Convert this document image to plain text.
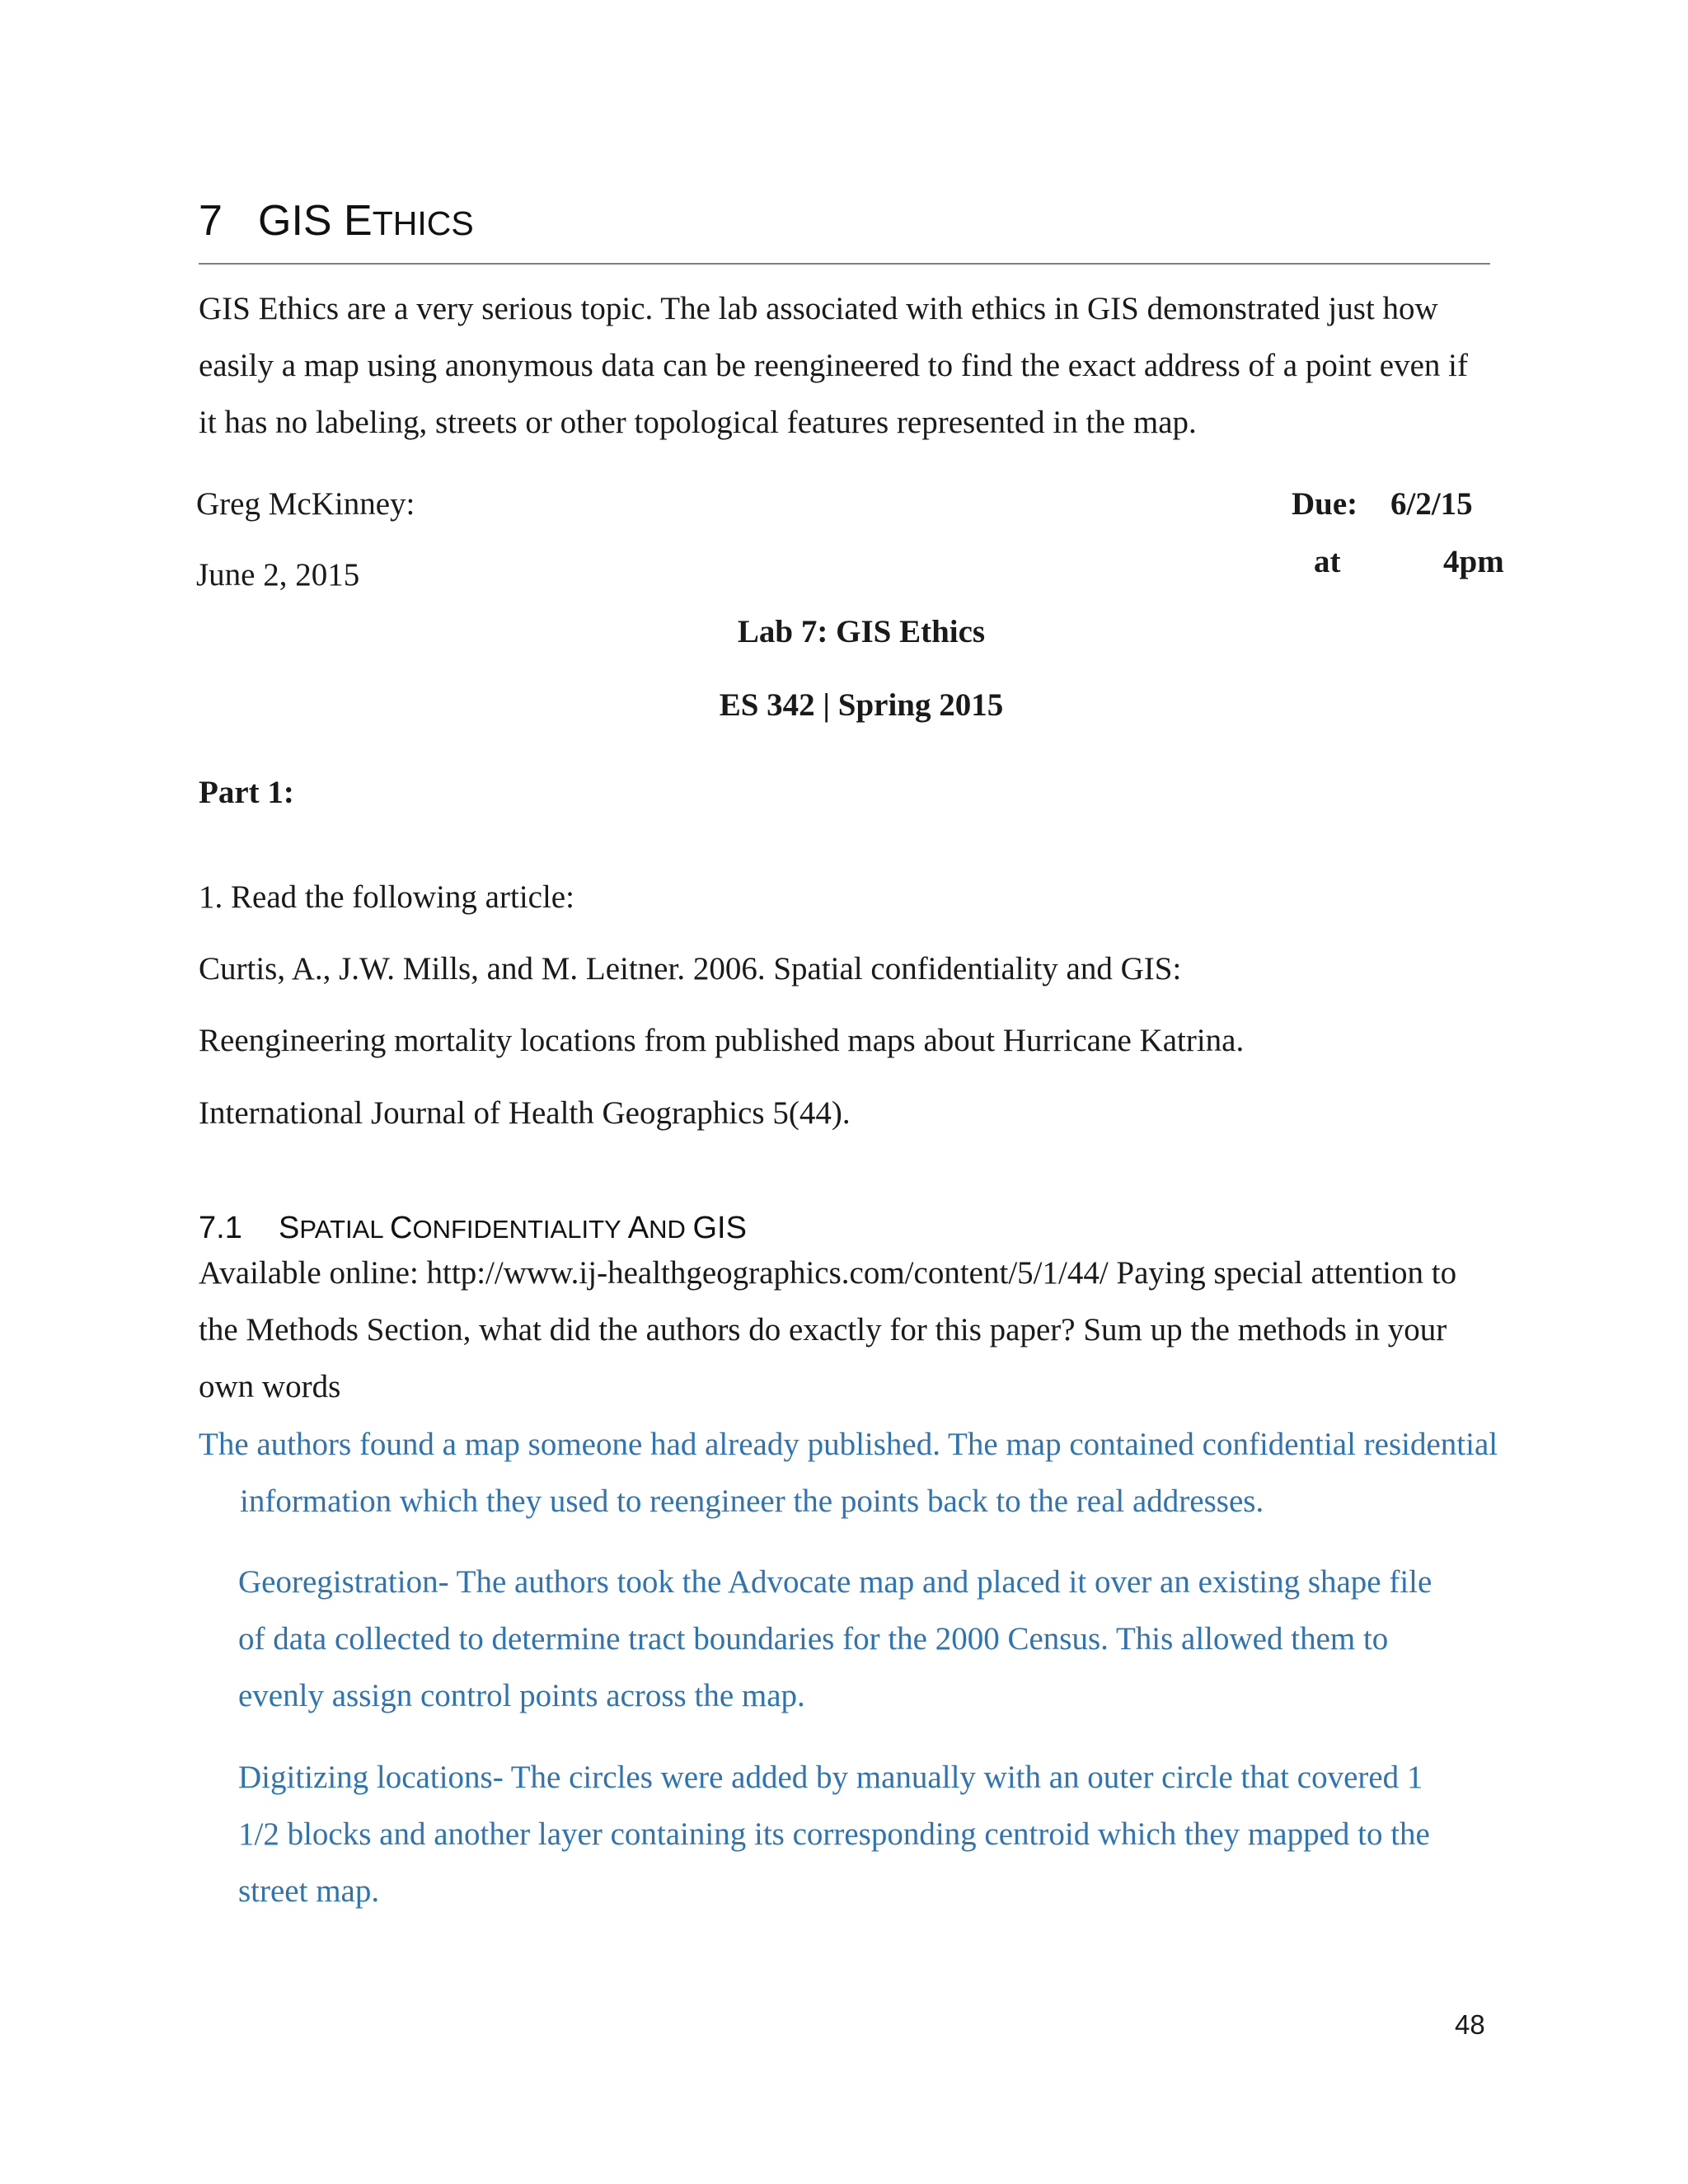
7 GIS ETHICS
GIS Ethics are a very serious topic. The lab associated with ethics in GIS demonstrated just how easily a map using anonymous data can be reengineered to find the exact address of a point even if it has no labeling, streets or other topological features represented in the map.
Greg McKinney:
June 2, 2015
Due: 6/2/15
at	4pm
Lab 7: GIS Ethics
ES 342 | Spring 2015
Part 1:
1. Read the following article:
Curtis, A., J.W. Mills, and M. Leitner. 2006. Spatial confidentiality and GIS:
Reengineering mortality locations from published maps about Hurricane Katrina.
International Journal of Health Geographics 5(44).
7.1 SPATIAL CONFIDENTIALITY AND GIS
Available online: http://www.ij-healthgeographics.com/content/5/1/44/ Paying special attention to the Methods Section, what did the authors do exactly for this paper? Sum up the methods in your own words
The authors found a map someone had already published. The map contained confidential residential information which they used to reengineer the points back to the real addresses.
Georegistration- The authors took the Advocate map and placed it over an existing shape file of data collected to determine tract boundaries for the 2000 Census. This allowed them to evenly assign control points across the map.
Digitizing locations- The circles were added by manually with an outer circle that covered 1 1/2 blocks and another layer containing its corresponding centroid which they mapped to the street map.
48
